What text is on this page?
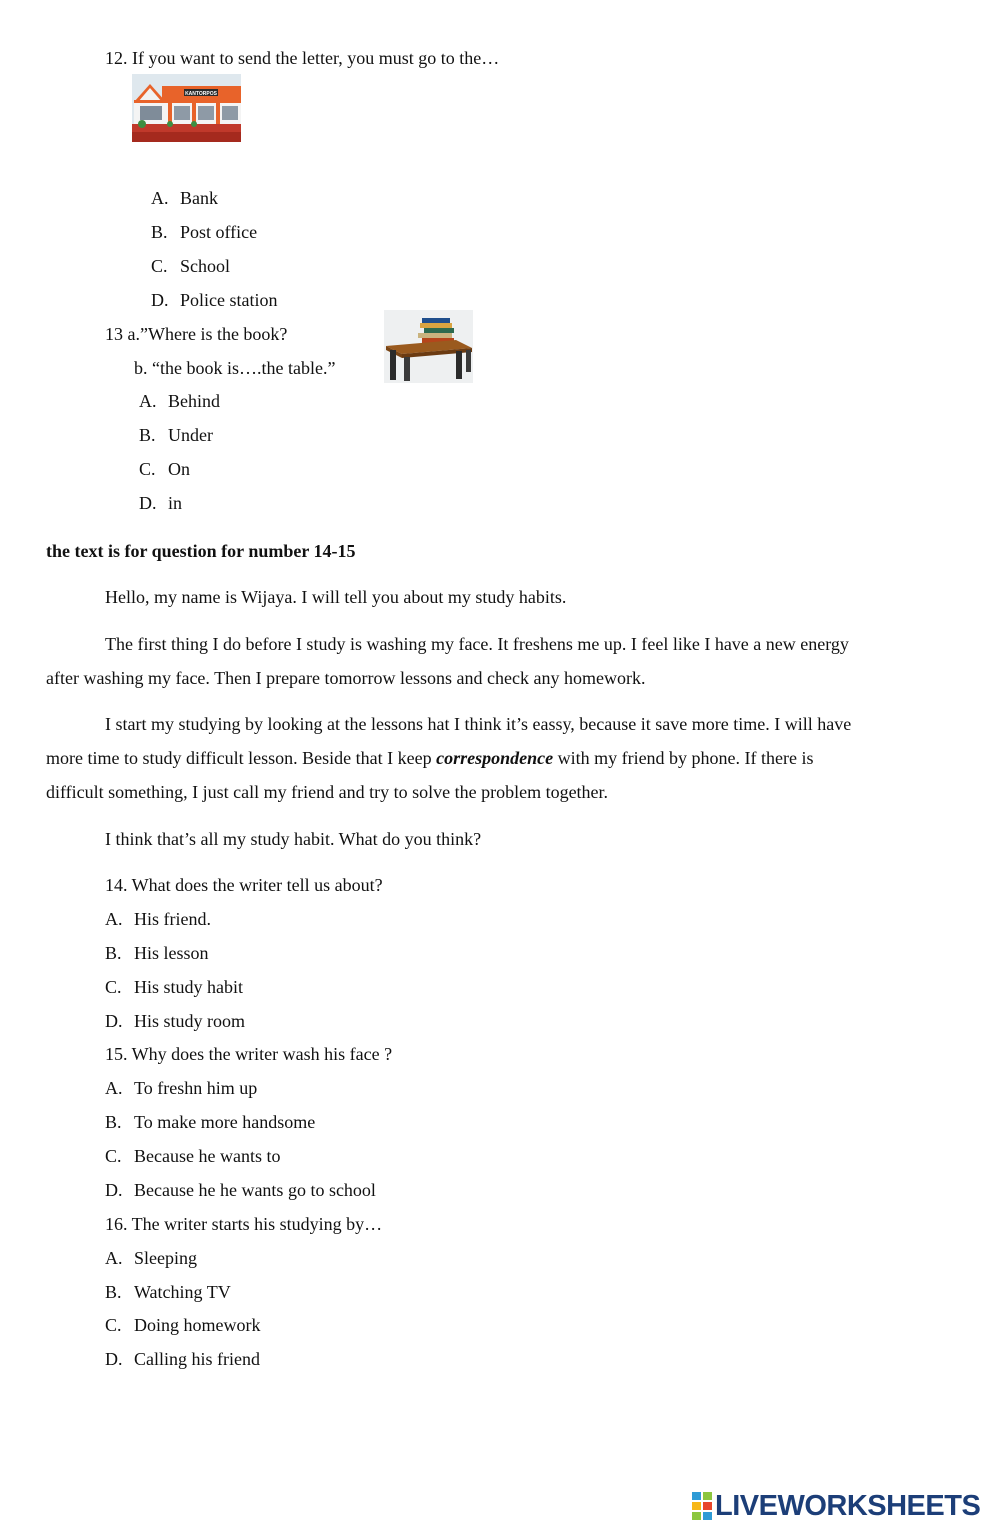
12. If you want to send the letter, you must go to the…
KANTORPOS
A. Bank
B. Post office
C. School
D. Police station
13 a.”Where is the book?
b. “the book is….the table.”
A. Behind
B. Under
C. On
D. in
the text is for question for number 14-15
Hello, my name is Wijaya. I will tell you about my study habits.
The first thing I do before I study is washing my face. It freshens me up. I feel like I have a new energy
after washing my face. Then I prepare tomorrow lessons and check any homework.
I start my studying by looking at the lessons hat I think it’s eassy, because it save more time. I will have
more time to study difficult lesson. Beside that I keep correspondence with my friend by phone. If there is
difficult something, I just call my friend and try to solve the problem together.
I think that’s all my study habit. What do you think?
14. What does the writer tell us about?
A. His friend.
B. His lesson
C. His study habit
D. His study room
15. Why does the writer wash his face ?
A. To freshn him up
B. To make more handsome
C. Because he wants to
D. Because he he wants go to school
16. The writer starts his studying by…
A. Sleeping
B. Watching TV
C. Doing homework
D. Calling his friend
LIVEWORKSHEETS
